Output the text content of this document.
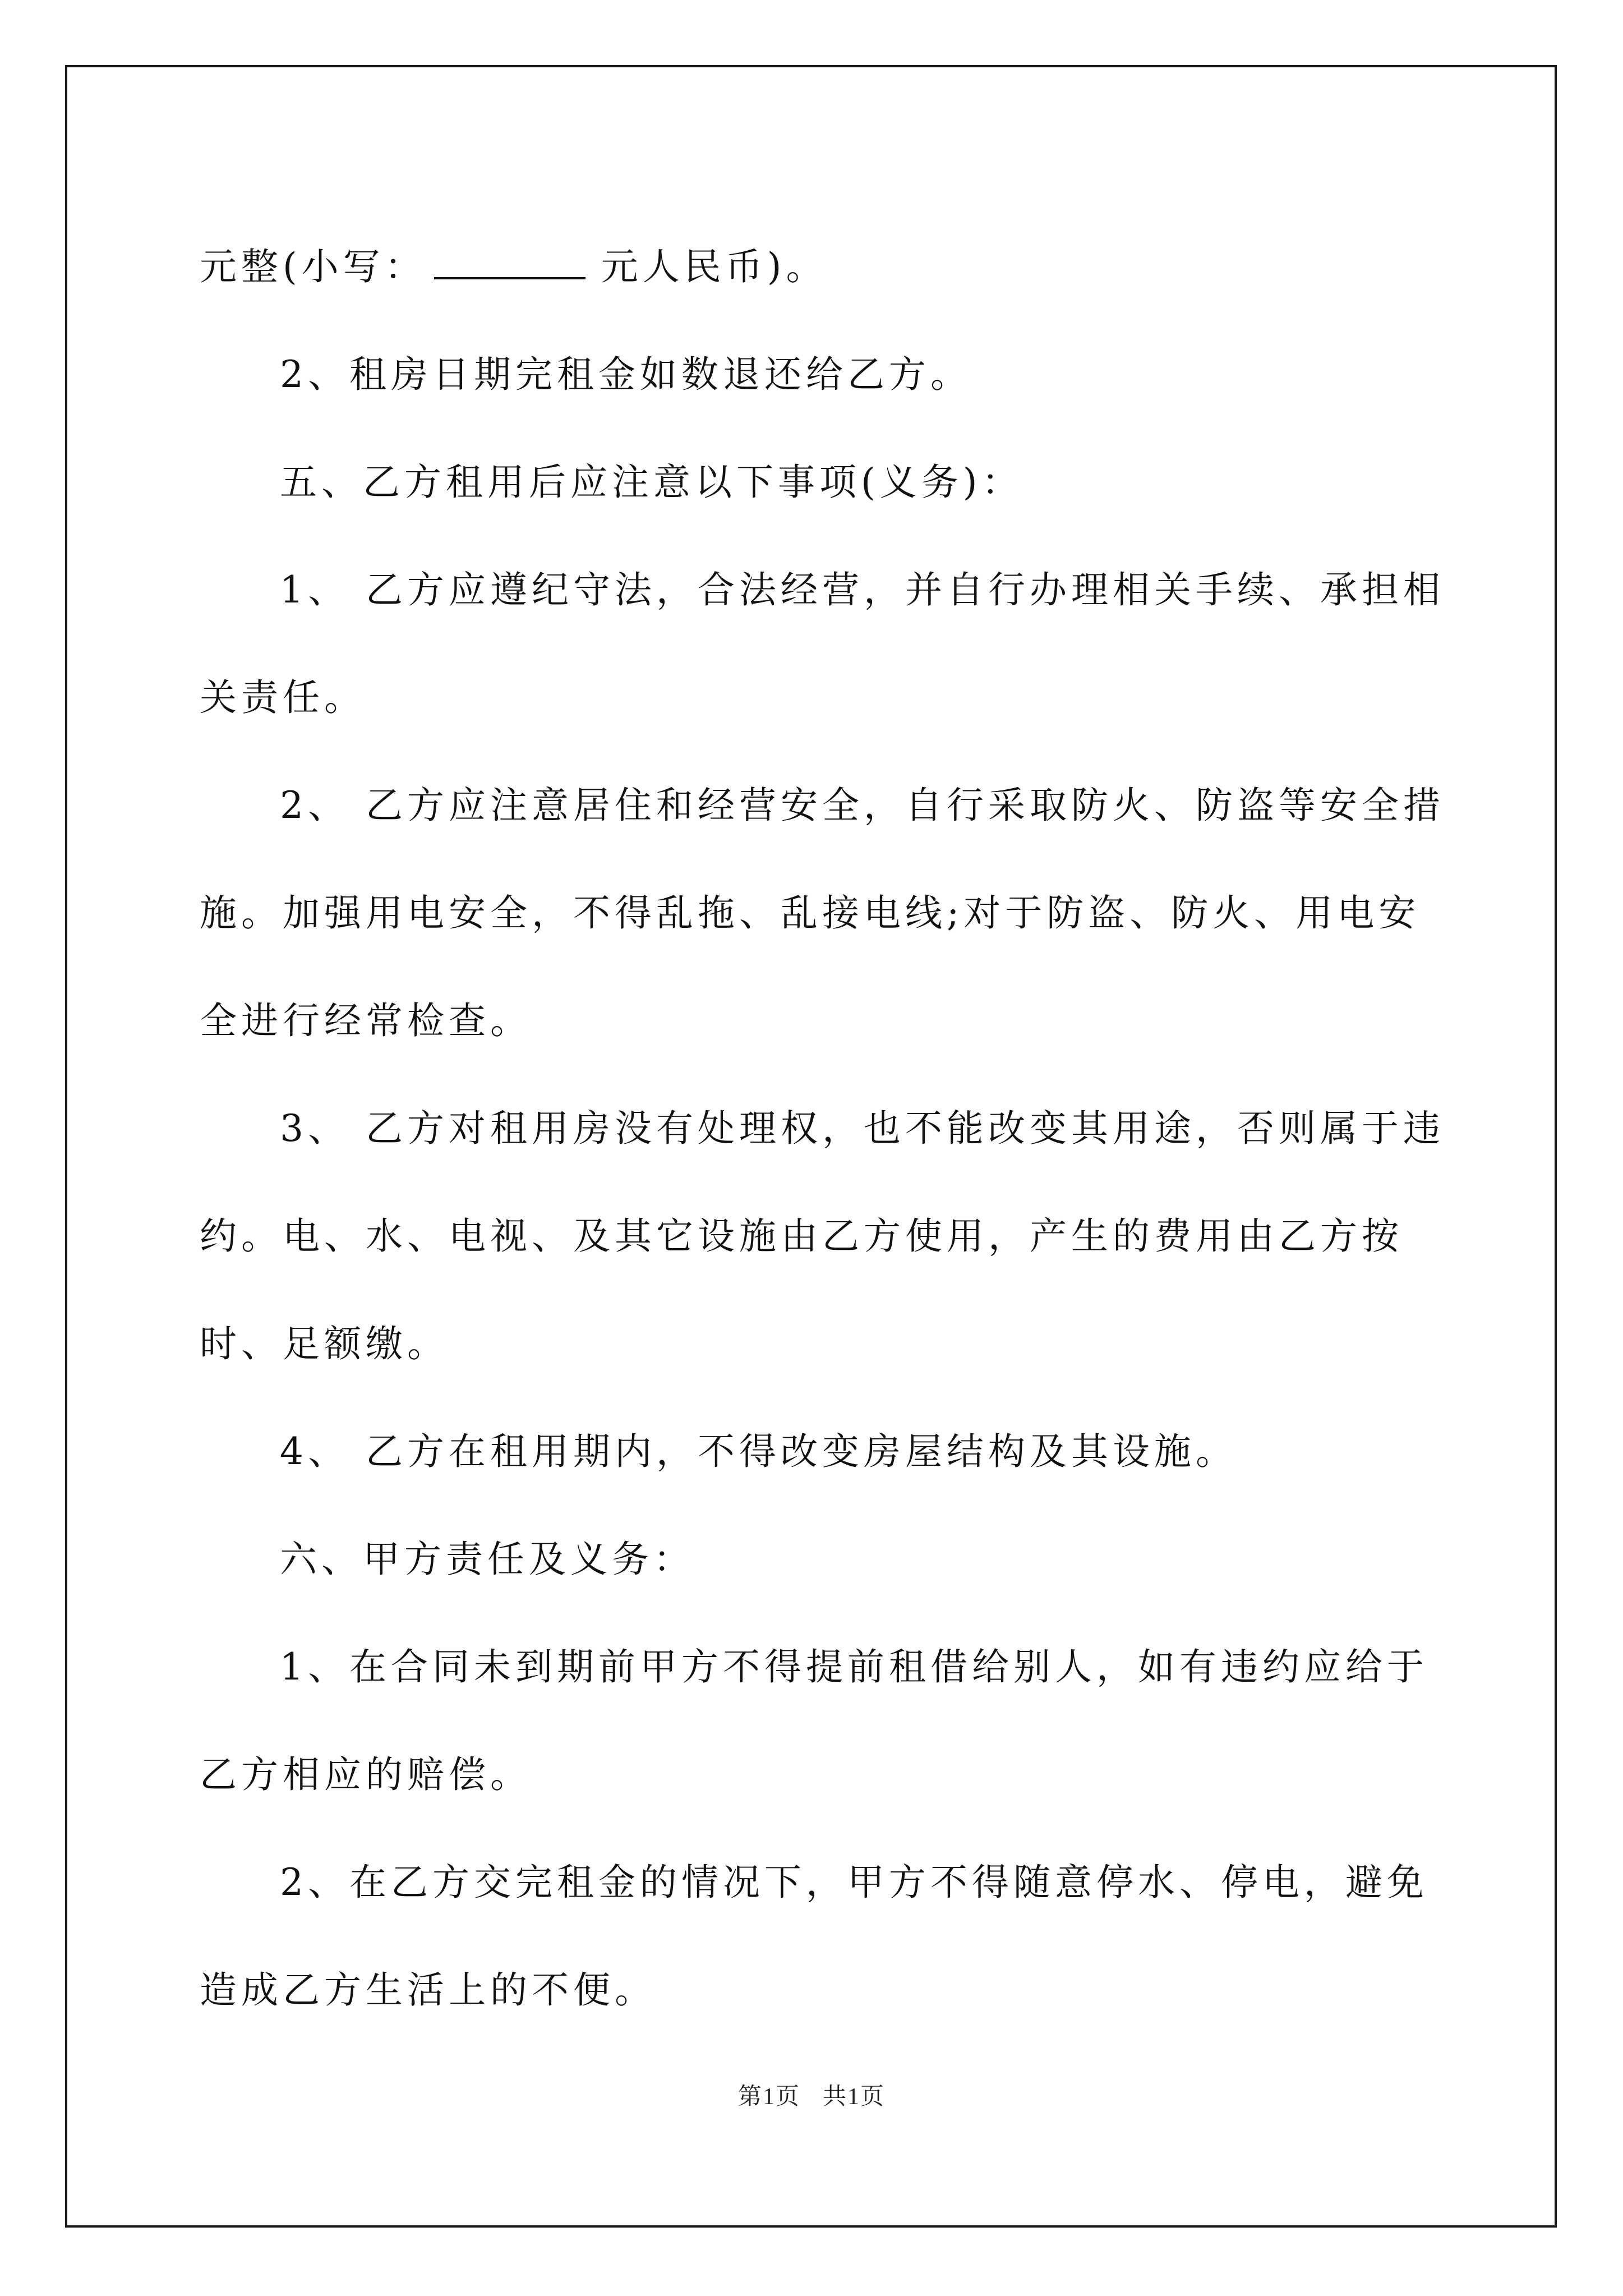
元整(小写：	元人民币)。

2、租房日期完租金如数退还给乙方。

五、乙方租用后应注意以下事项(义务)：

1、 乙方应遵纪守法，合法经营，并自行办理相关手续、承担相关责任。

2、 乙方应注意居住和经营安全，自行采取防火、防盗等安全措施。加强用电安全，不得乱拖、乱接电线;对于防盗、防火、用电安全进行经常检查。

3、 乙方对租用房没有处理权，也不能改变其用途，否则属于违约。电、水、电视、及其它设施由乙方使用，产生的费用由乙方按时、足额缴。

4、 乙方在租用期内，不得改变房屋结构及其设施。

六、甲方责任及义务：

1、在合同未到期前甲方不得提前租借给别人，如有违约应给于乙方相应的赔偿。

2、在乙方交完租金的情况下，甲方不得随意停水、停电，避免造成乙方生活上的不便。

第1页 共1页
